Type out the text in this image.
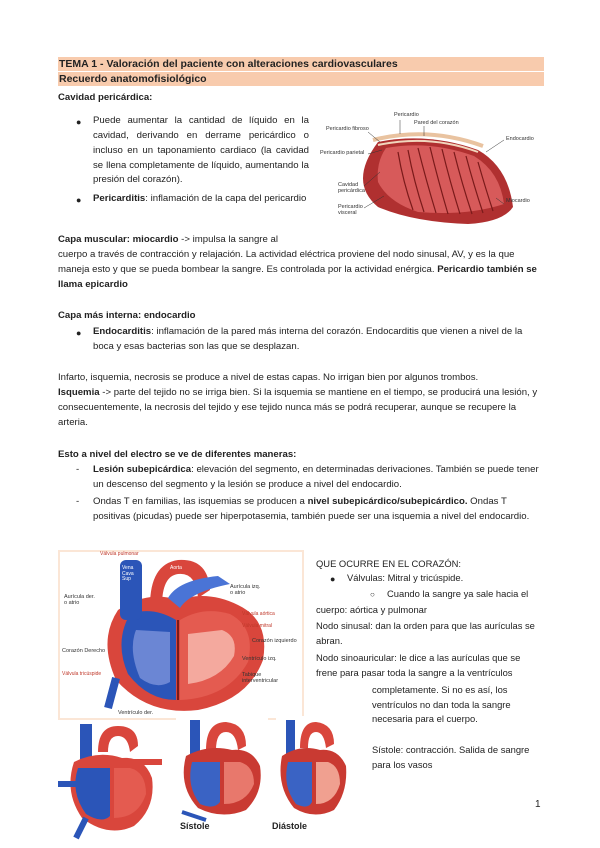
TEMA 1 - Valoración del paciente con alteraciones cardiovasculares
Recuerdo anatomofisiológico
Cavidad pericárdica:
● Puede aumentar la cantidad de líquido en la cavidad, derivando en derrame pericárdico o incluso en un taponamiento cardiaco (la cavidad se llena completamente de líquido, aumentando la presión del corazón).
● Pericarditis: inflamación de la capa del pericardio
Pericardio
Pared del corazón
Pericardio fibroso
Pericardio parietal
Cavidad pericárdica
Pericardio visceral
Endocardio
Miocardio
Capa muscular: miocardio -> impulsa la sangre al
cuerpo a través de contracción y relajación. La actividad eléctrica proviene del nodo sinusal, AV, y es la que maneja esto y que se pueda bombear la sangre. Es controlada por la actividad enérgica. Pericardio también se llama epicardio
Capa más interna: endocardio
● Endocarditis: inflamación de la pared más interna del corazón. Endocarditis que vienen a nivel de la boca y esas bacterias son las que se desplazan.
Infarto, isquemia, necrosis se produce a nivel de estas capas. No irrigan bien por algunos trombos.
Isquemia -> parte del tejido no se irriga bien. Si la isquemia se mantiene en el tiempo, se producirá una lesión, y consecuentemente, la necrosis del tejido y ese tejido nunca más se podrá recuperar, aunque se recupere la arteria.
Esto a nivel del electro se ve de diferentes maneras:
- Lesión subepicárdica: elevación del segmento, en determinadas derivaciones. También se puede tener un descenso del segmento y la lesión se produce a nivel del endocardio.
- Ondas T en familias, las isquemias se producen a nivel subepicárdico/subepicárdico. Ondas T positivas (picudas) puede ser hiperpotasemia, también puede ser una isquemia a nivel del endocardio.
Válvula pulmonar
Vena Cava Sup
Aorta
Aurícula der. o atrio
Aurícula izq. o atrio
Válvula aórtica
Válvula mitral
Corazón izquierdo
Corazón Derecho
Ventrículo izq.
Válvula tricúspide	Tabique interventricular
Ventrículo der.
QUE OCURRE EN EL CORAZÓN:
● Válvulas: Mitral y tricúspide.
○ Cuando la sangre ya sale hacia el
cuerpo: aórtica y pulmonar
Nodo sinusal: dan la orden para que las aurículas se abran.
Nodo sinoauricular: le dice a las aurículas que se frene para pasar toda la sangre a la ventrículos
completamente. Si no es así, los ventrículos no dan toda la sangre necesaria para el cuerpo.
Sístole: contracción. Salida de sangre para los vasos
Sístole	Diástole
1
